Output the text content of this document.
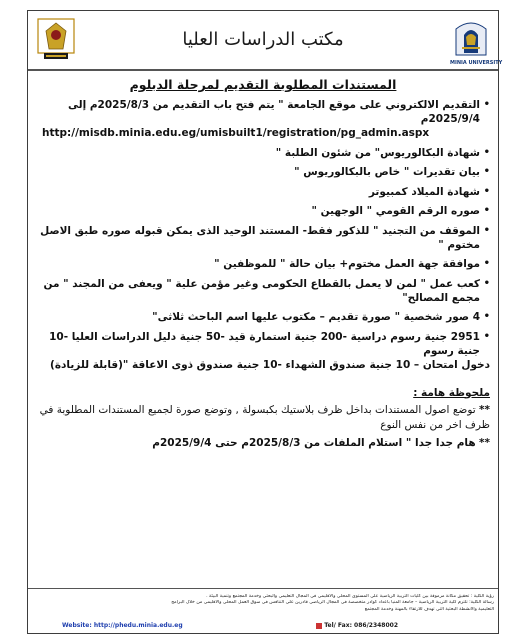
مكتب الدراسات العليا
MINIA UNIVERSITY
المستندات المطلوبة التقديم لمرحلة الدبلوم
•
التقديم الالكتروني على موقع الجامعة " يتم فتح باب التقديم من 2025/8/3م إلى 2025/9/4م
http://misdb.minia.edu.eg/umisbuilt1/registration/pg_admin.aspx
•
شهادة البكالوريوس" من شئون الطلبة "
•
بيان تقديرات " خاص بالبكالوريوس "
•
شهادة الميلاد كمبيوتر
•
صوره الرقم القومي " الوجهين "
•
الموقف من التجنيد " للذكور فقط- المستند الوحيد الذى يمكن قبوله صوره طبق الاصل مختوم "
•
موافقة جهة العمل مختوم+ بيان حالة " للموظفين "
•
كعب عمل " لمن لا يعمل بالقطاع الحكومى وغير مؤمن علية " ويعفى من المجند " من مجمع المصالح"
•
4 صور شخصية " صورة تقديم – مكتوب عليها اسم الباحث ثلاثى"
•
2951 جنية رسوم دراسية -200 جنية استمارة قيد -50 جنية دليل الدراسات العليا -10 جنية رسوم
دخول امتحان – 10 جنية صندوق الشهداء -10 جنية صندوق ذوى الاعاقة "(قابلة للزيادة)
ملحوظة هامة :
** توضع اصول المستندات بداخل ظرف بلاستيك بكبسولة , وتوضع صورة لجميع المستندات المطلوبة في ظرف اخر من نفس النوع
** هام جدا جدا " استلام الملفات من 2025/8/3م حتى 2025/9/4م
رؤية الكلية : تحقيق مكانة مرموقة بين كليات التربية الرياضية على المستوى المحلى والاقليمى فى المجال التعليمى والبحثى وخدمة المجتمع وتنمية البيئة .
رسالة الكلية: تلتزم كلية التربية الرياضية – جامعة المنيا باعداد كوادر متخصصة فى المجال الرياضى قادرين على التنافس فى سوق العمل المحلى والاقليمى من خلال البرامج
التعليمية والانشطة البحثية التى تهدف للارتقاء بالمهنة وخدمة المجتمع
Website: http://phedu.minia.edu.eg	Tel/ Fax: 086/2348002
